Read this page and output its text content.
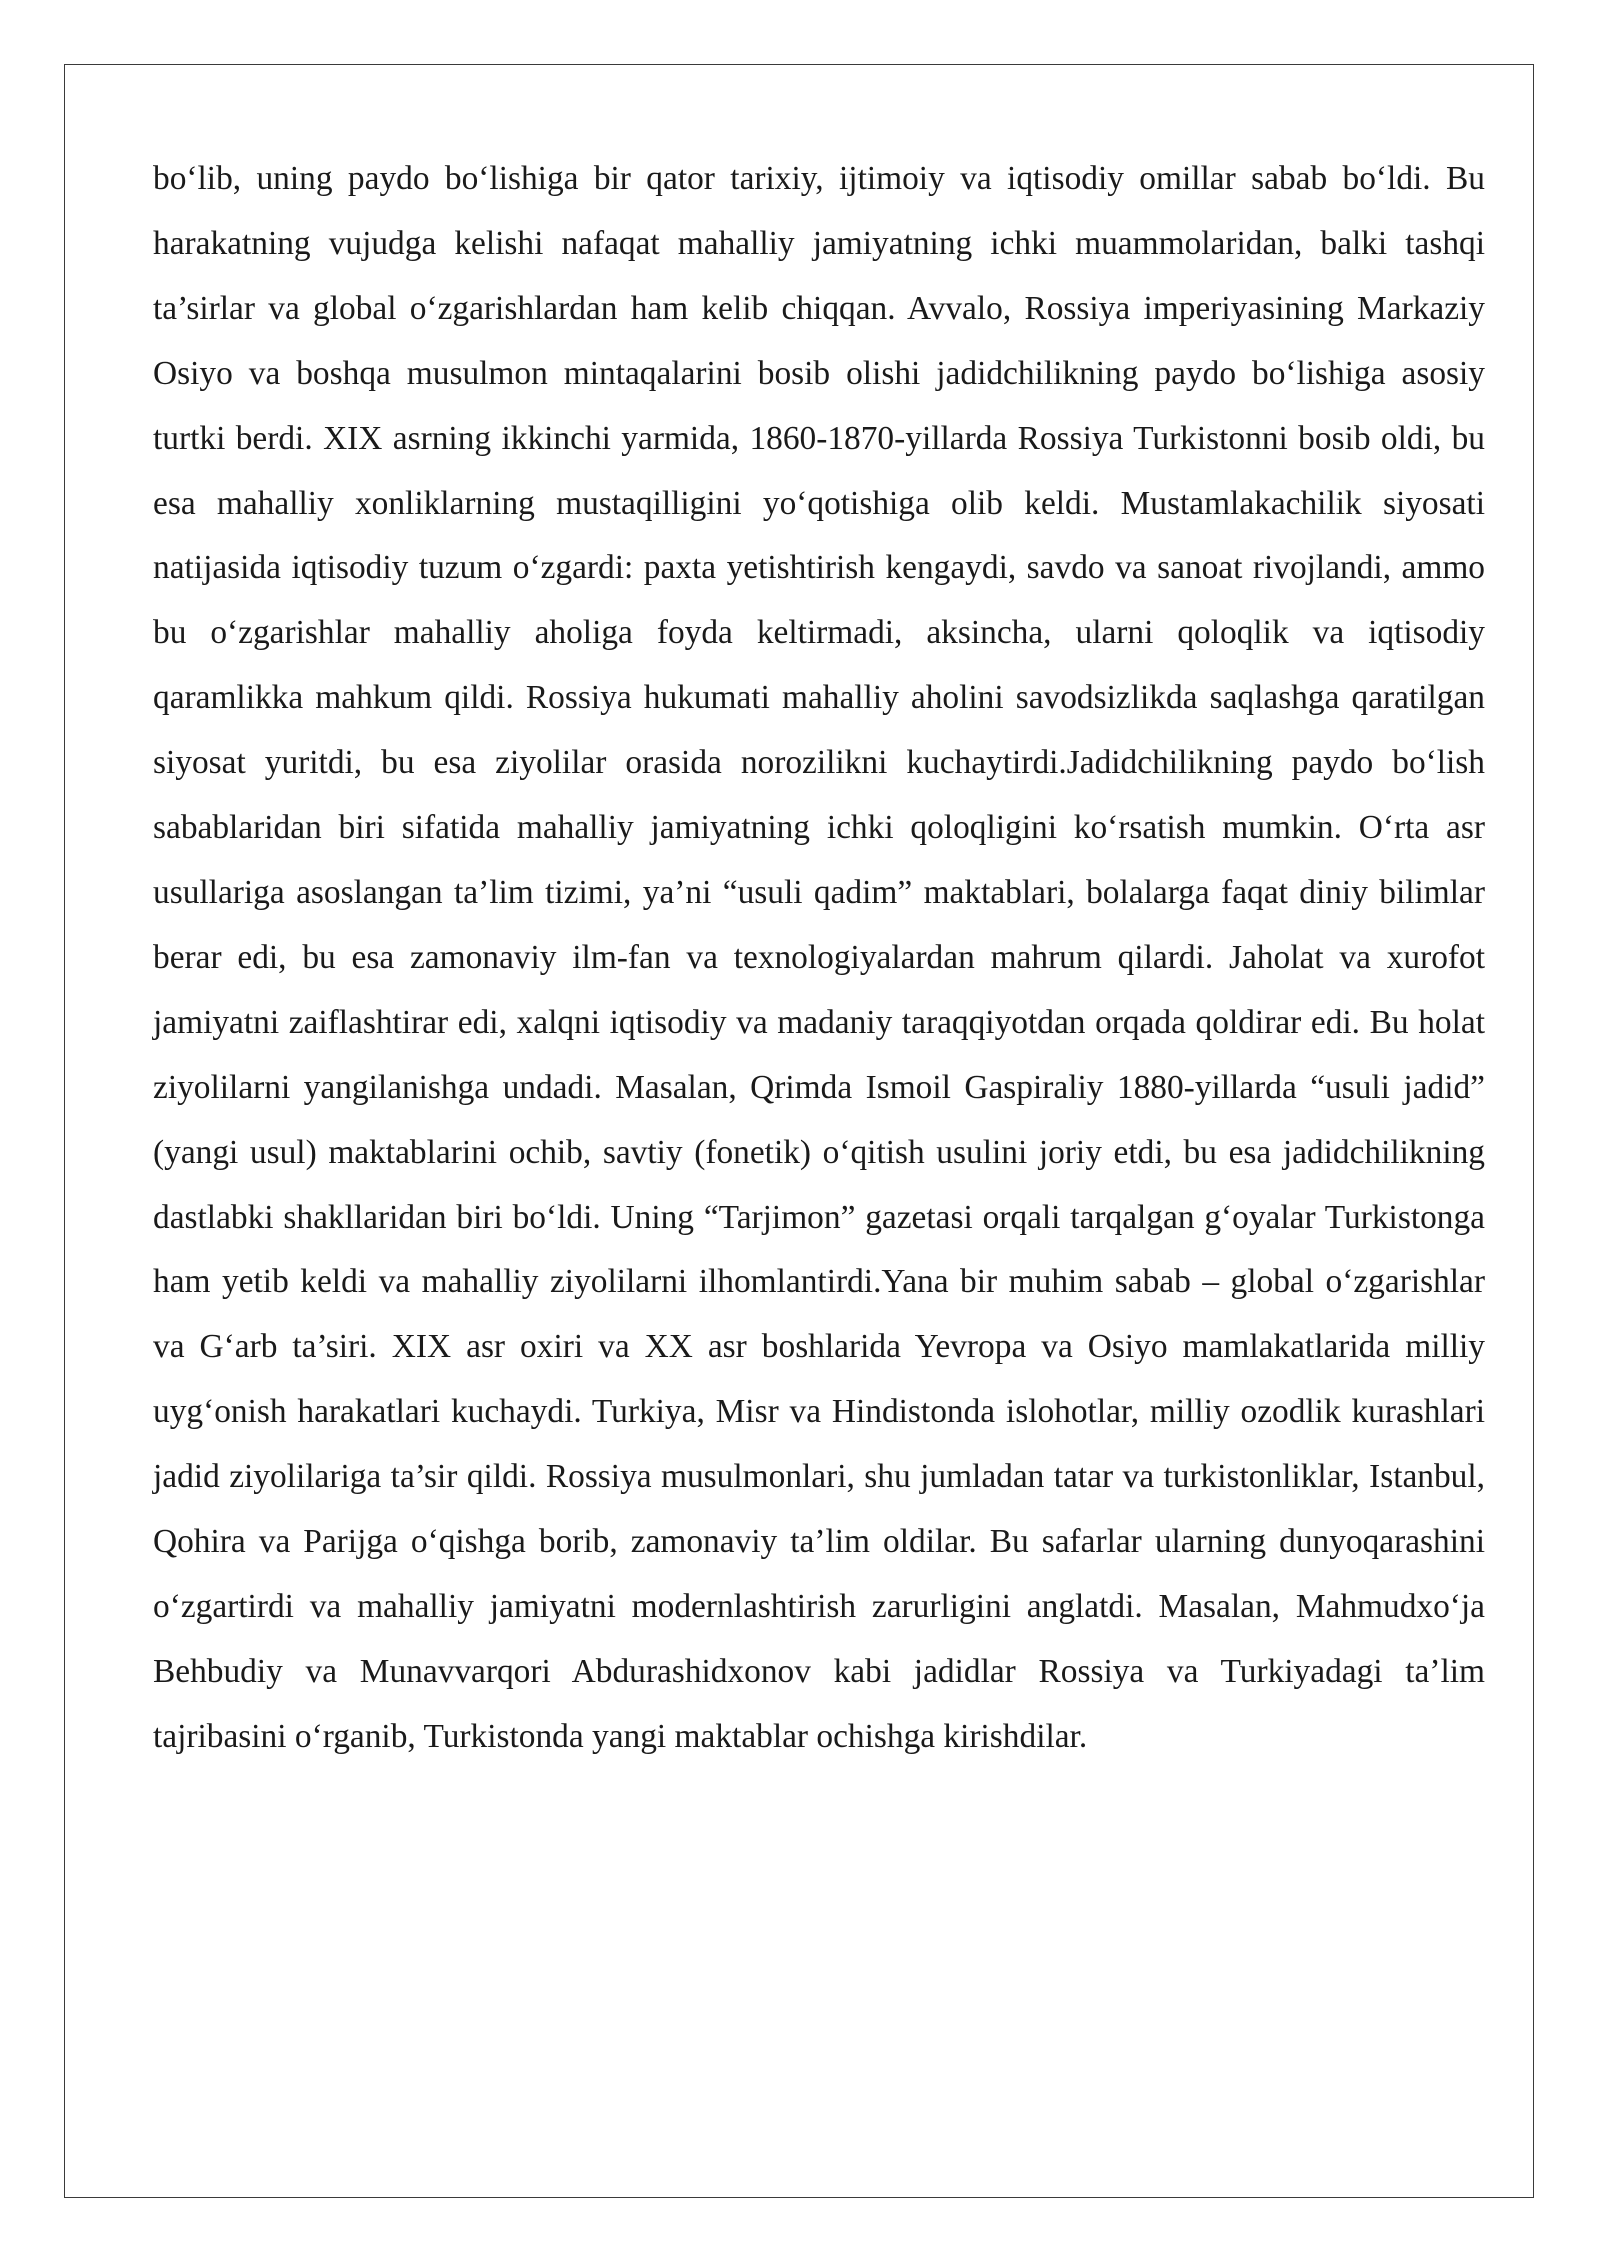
bo‘lib, uning paydo bo‘lishiga bir qator tarixiy, ijtimoiy va iqtisodiy omillar sabab bo‘ldi. Bu harakatning vujudga kelishi nafaqat mahalliy jamiyatning ichki muammolaridan, balki tashqi ta’sirlar va global o‘zgarishlardan ham kelib chiqqan. Avvalo, Rossiya imperiyasining Markaziy Osiyo va boshqa musulmon mintaqalarini bosib olishi jadidchilikning paydo bo‘lishiga asosiy turtki berdi. XIX asrning ikkinchi yarmida, 1860-1870-yillarda Rossiya Turkistonni bosib oldi, bu esa mahalliy xonliklarning mustaqilligini yo‘qotishiga olib keldi. Mustamlakachilik siyosati natijasida iqtisodiy tuzum o‘zgardi: paxta yetishtirish kengaydi, savdo va sanoat rivojlandi, ammo bu o‘zgarishlar mahalliy aholiga foyda keltirmadi, aksincha, ularni qoloqlik va iqtisodiy qaramlikka mahkum qildi. Rossiya hukumati mahalliy aholini savodsizlikda saqlashga qaratilgan siyosat yuritdi, bu esa ziyolilar orasida norozilikni kuchaytirdi.Jadidchilikning paydo bo‘lish sabablaridan biri sifatida mahalliy jamiyatning ichki qoloqligini ko‘rsatish mumkin. O‘rta asr usullariga asoslangan ta’lim tizimi, ya’ni “usuli qadim” maktablari, bolalarga faqat diniy bilimlar berar edi, bu esa zamonaviy ilm-fan va texnologiyalardan mahrum qilardi. Jaholat va xurofot jamiyatni zaiflashtirar edi, xalqni iqtisodiy va madaniy taraqqiyotdan orqada qoldirar edi. Bu holat ziyolilarni yangilanishga undadi. Masalan, Qrimda Ismoil Gaspiraliy 1880-yillarda “usuli jadid” (yangi usul) maktablarini ochib, savtiy (fonetik) o‘qitish usulini joriy etdi, bu esa jadidchilikning dastlabki shakllaridan biri bo‘ldi. Uning “Tarjimon” gazetasi orqali tarqalgan g‘oyalar Turkistonga ham yetib keldi va mahalliy ziyolilarni ilhomlantirdi.Yana bir muhim sabab – global o‘zgarishlar va G‘arb ta’siri. XIX asr oxiri va XX asr boshlarida Yevropa va Osiyo mamlakatlarida milliy uyg‘onish harakatlari kuchaydi. Turkiya, Misr va Hindistonda islohotlar, milliy ozodlik kurashlari jadid ziyolilariga ta’sir qildi. Rossiya musulmonlari, shu jumladan tatar va turkistonliklar, Istanbul, Qohira va Parijga o‘qishga borib, zamonaviy ta’lim oldilar. Bu safarlar ularning dunyoqarashini o‘zgartirdi va mahalliy jamiyatni modernlashtirish zarurligini anglatdi. Masalan, Mahmudxo‘ja Behbudiy va Munavvarqori Abdurashidxonov kabi jadidlar Rossiya va Turkiyadagi ta’lim tajribasini o‘rganib, Turkistonda yangi maktablar ochishga kirishdilar.
